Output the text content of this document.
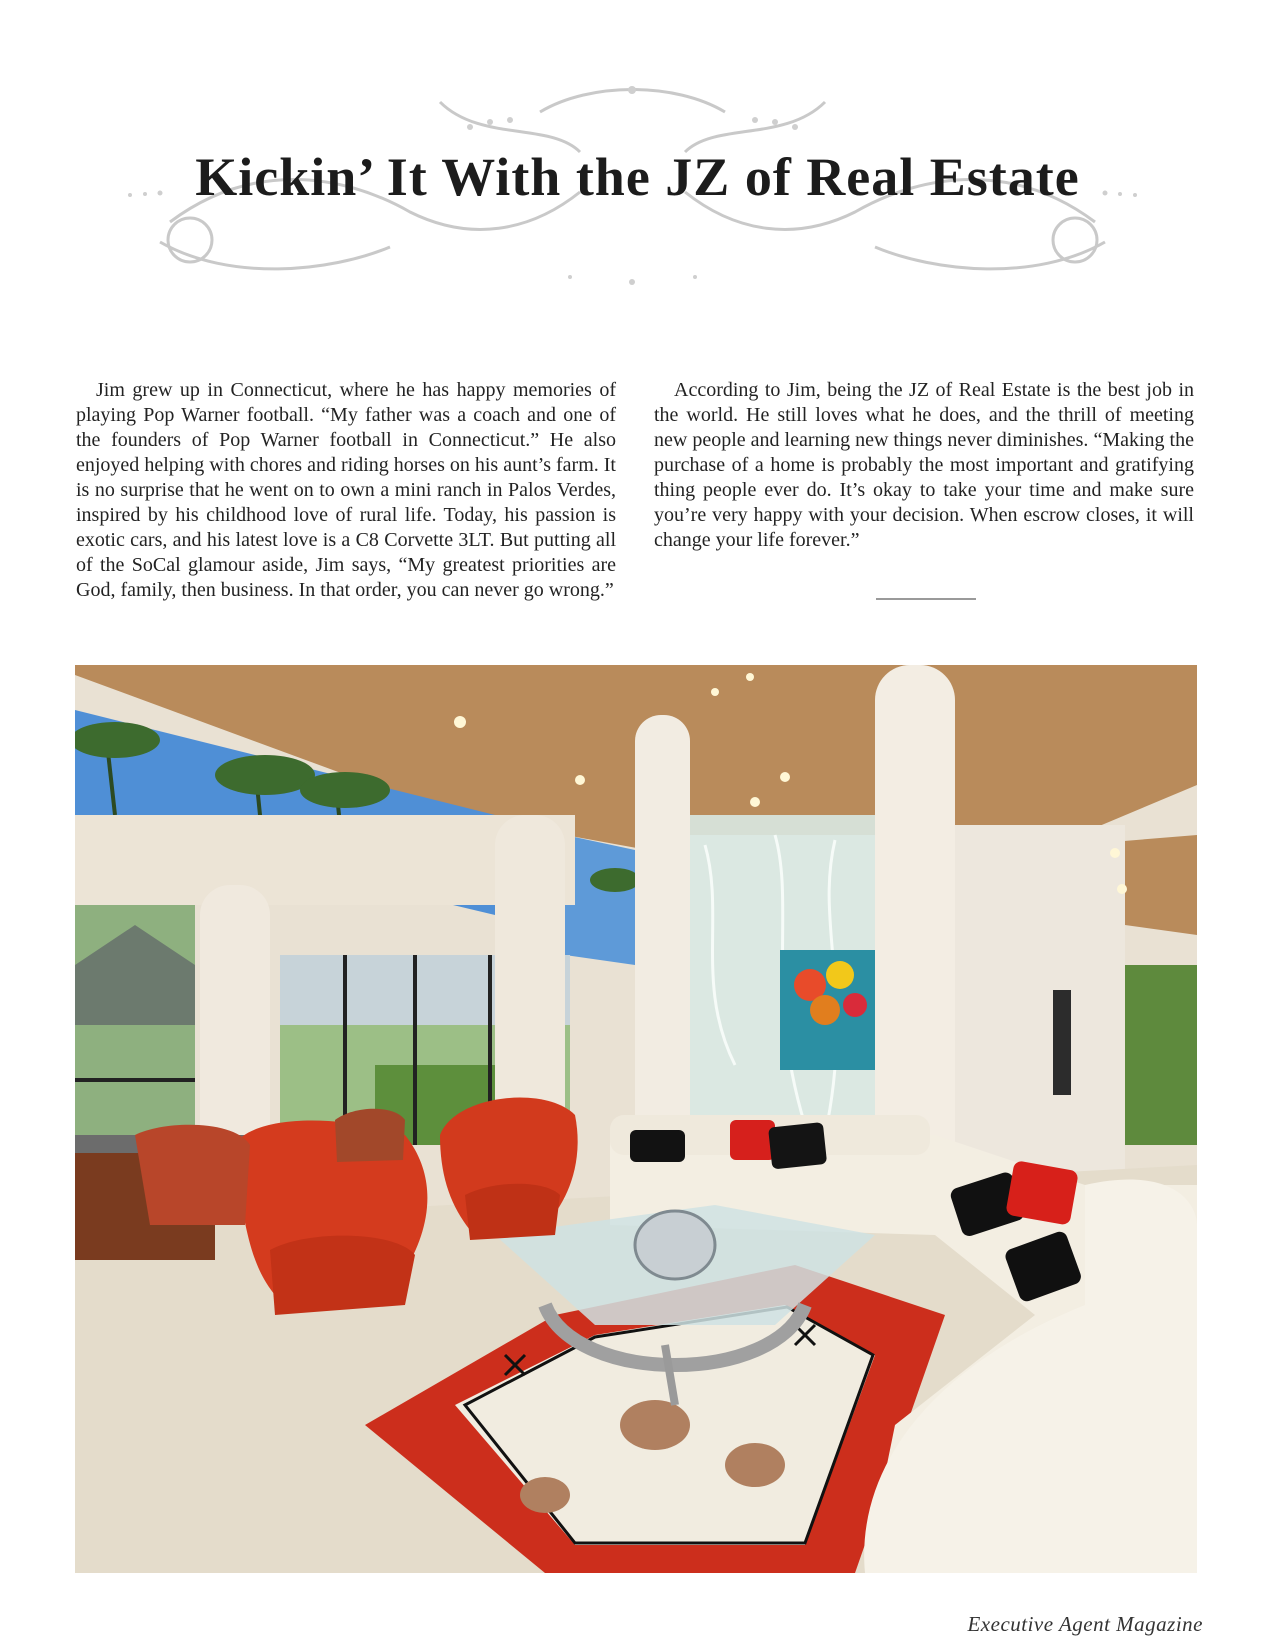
Kickin’ It With the JZ of Real Estate

Jim grew up in Connecticut, where he has happy memories of playing Pop Warner football. “My father was a coach and one of the founders of Pop Warner football in Connecticut.” He also enjoyed helping with chores and riding horses on his aunt’s farm. It is no surprise that he went on to own a mini ranch in Palos Verdes, inspired by his childhood love of rural life. Today, his passion is exotic cars, and his latest love is a C8 Corvette 3LT. But putting all of the SoCal glamour aside, Jim says, “My greatest priorities are God, family, then business. In that order, you can never go wrong.”

According to Jim, being the JZ of Real Estate is the best job in the world. He still loves what he does, and the thrill of meeting new people and learning new things never diminishes. “Making the purchase of a home is probably the most important and gratifying thing people ever do. It’s okay to take your time and make sure you’re very happy with your decision. When escrow closes, it will change your life forever.”

Executive Agent Magazine
